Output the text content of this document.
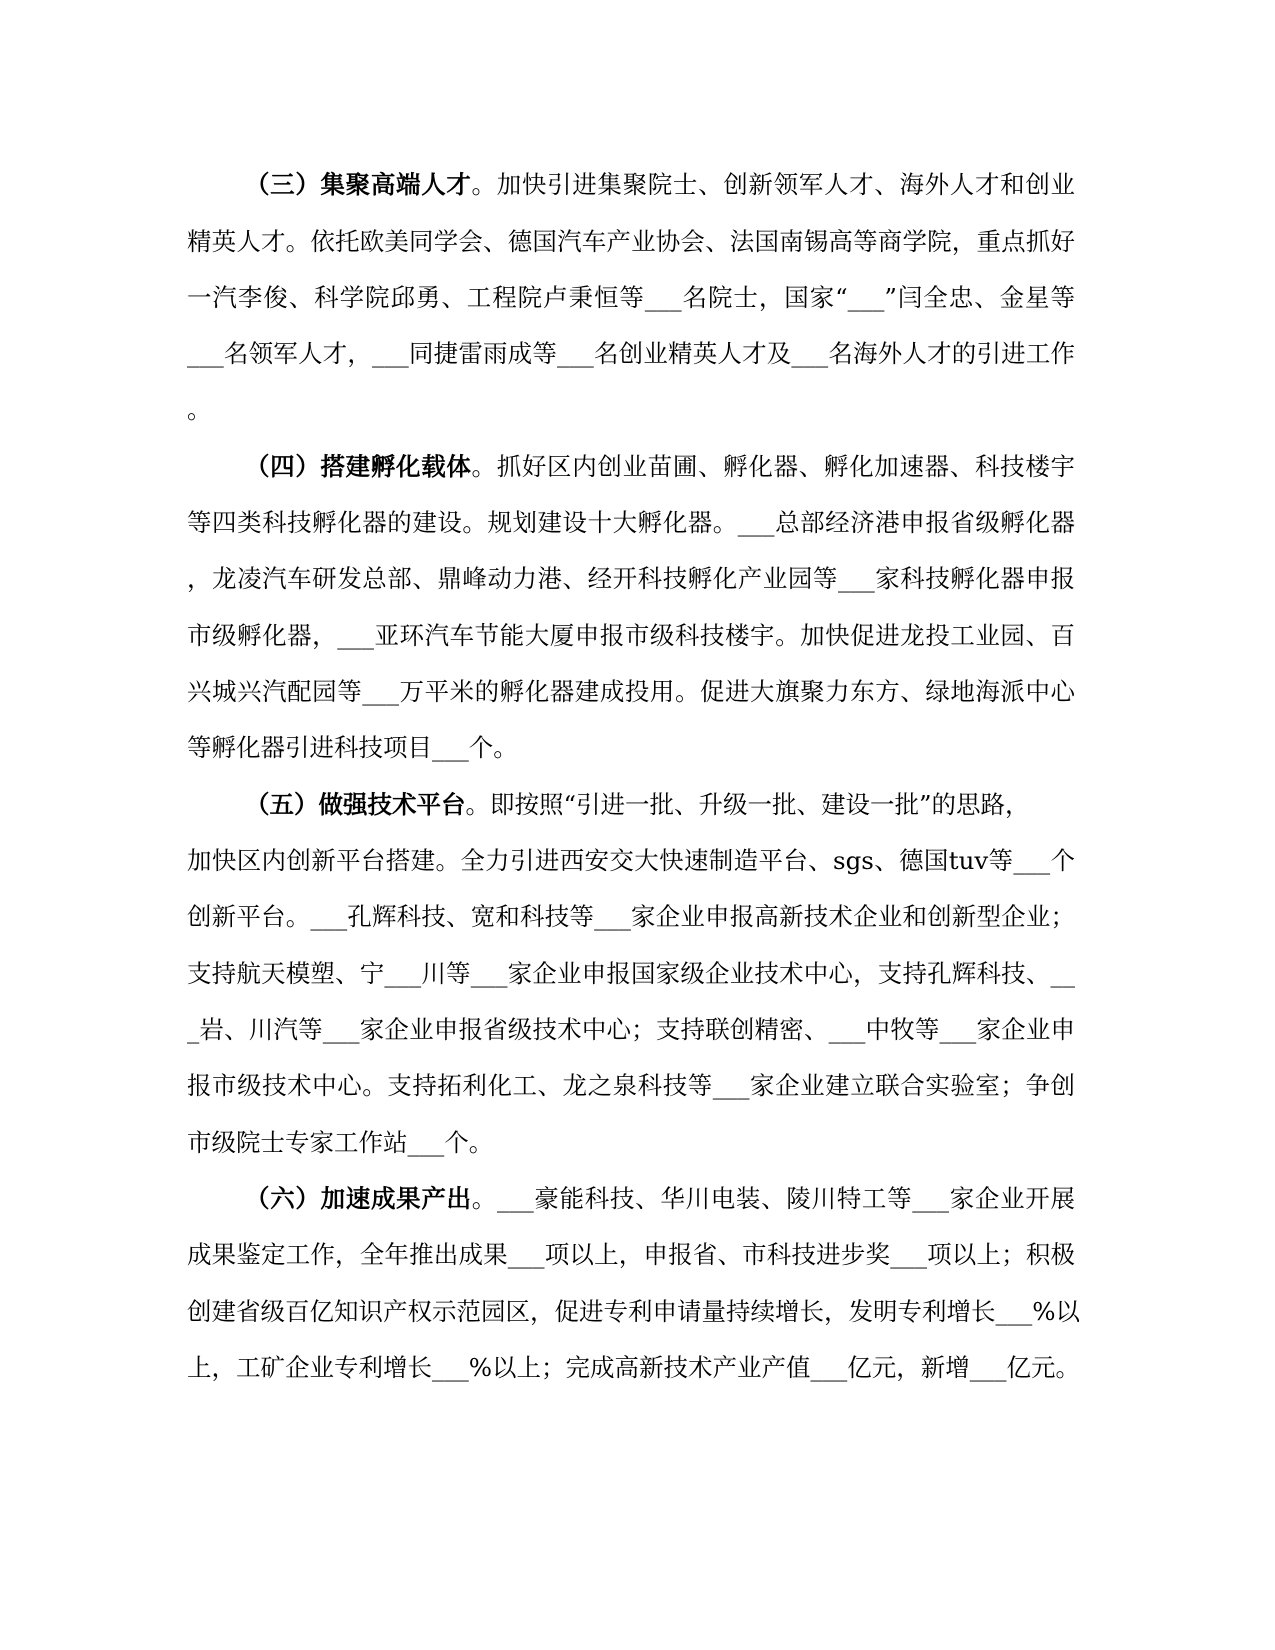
（三）集聚高端人才。加快引进集聚院士、创新领军人才、海外人才和创业
精英人才。依托欧美同学会、德国汽车产业协会、法国南锡高等商学院，重点抓好
一汽李俊、科学院邱勇、工程院卢秉恒等___名院士，国家“___”闫全忠、金星等
___名领军人才，___同捷雷雨成等___名创业精英人才及___名海外人才的引进工作
。
（四）搭建孵化载体。抓好区内创业苗圃、孵化器、孵化加速器、科技楼宇
等四类科技孵化器的建设。规划建设十大孵化器。___总部经济港申报省级孵化器
，龙凌汽车研发总部、鼎峰动力港、经开科技孵化产业园等___家科技孵化器申报
市级孵化器，___亚环汽车节能大厦申报市级科技楼宇。加快促进龙投工业园、百
兴城兴汽配园等___万平米的孵化器建成投用。促进大旗聚力东方、绿地海派中心
等孵化器引进科技项目___个。
（五）做强技术平台。即按照“引进一批、升级一批、建设一批”的思路，
加快区内创新平台搭建。全力引进西安交大快速制造平台、sgs、德国tuv等___个
创新平台。___孔辉科技、宽和科技等___家企业申报高新技术企业和创新型企业；
支持航天模塑、宁___川等___家企业申报国家级企业技术中心，支持孔辉科技、__
_岩、川汽等___家企业申报省级技术中心；支持联创精密、___中牧等___家企业申
报市级技术中心。支持拓利化工、龙之泉科技等___家企业建立联合实验室；争创
市级院士专家工作站___个。
（六）加速成果产出。___豪能科技、华川电装、陵川特工等___家企业开展
成果鉴定工作，全年推出成果___项以上，申报省、市科技进步奖___项以上；积极
创建省级百亿知识产权示范园区，促进专利申请量持续增长，发明专利增长___%以
上，工矿企业专利增长___%以上；完成高新技术产业产值___亿元，新增___亿元。
